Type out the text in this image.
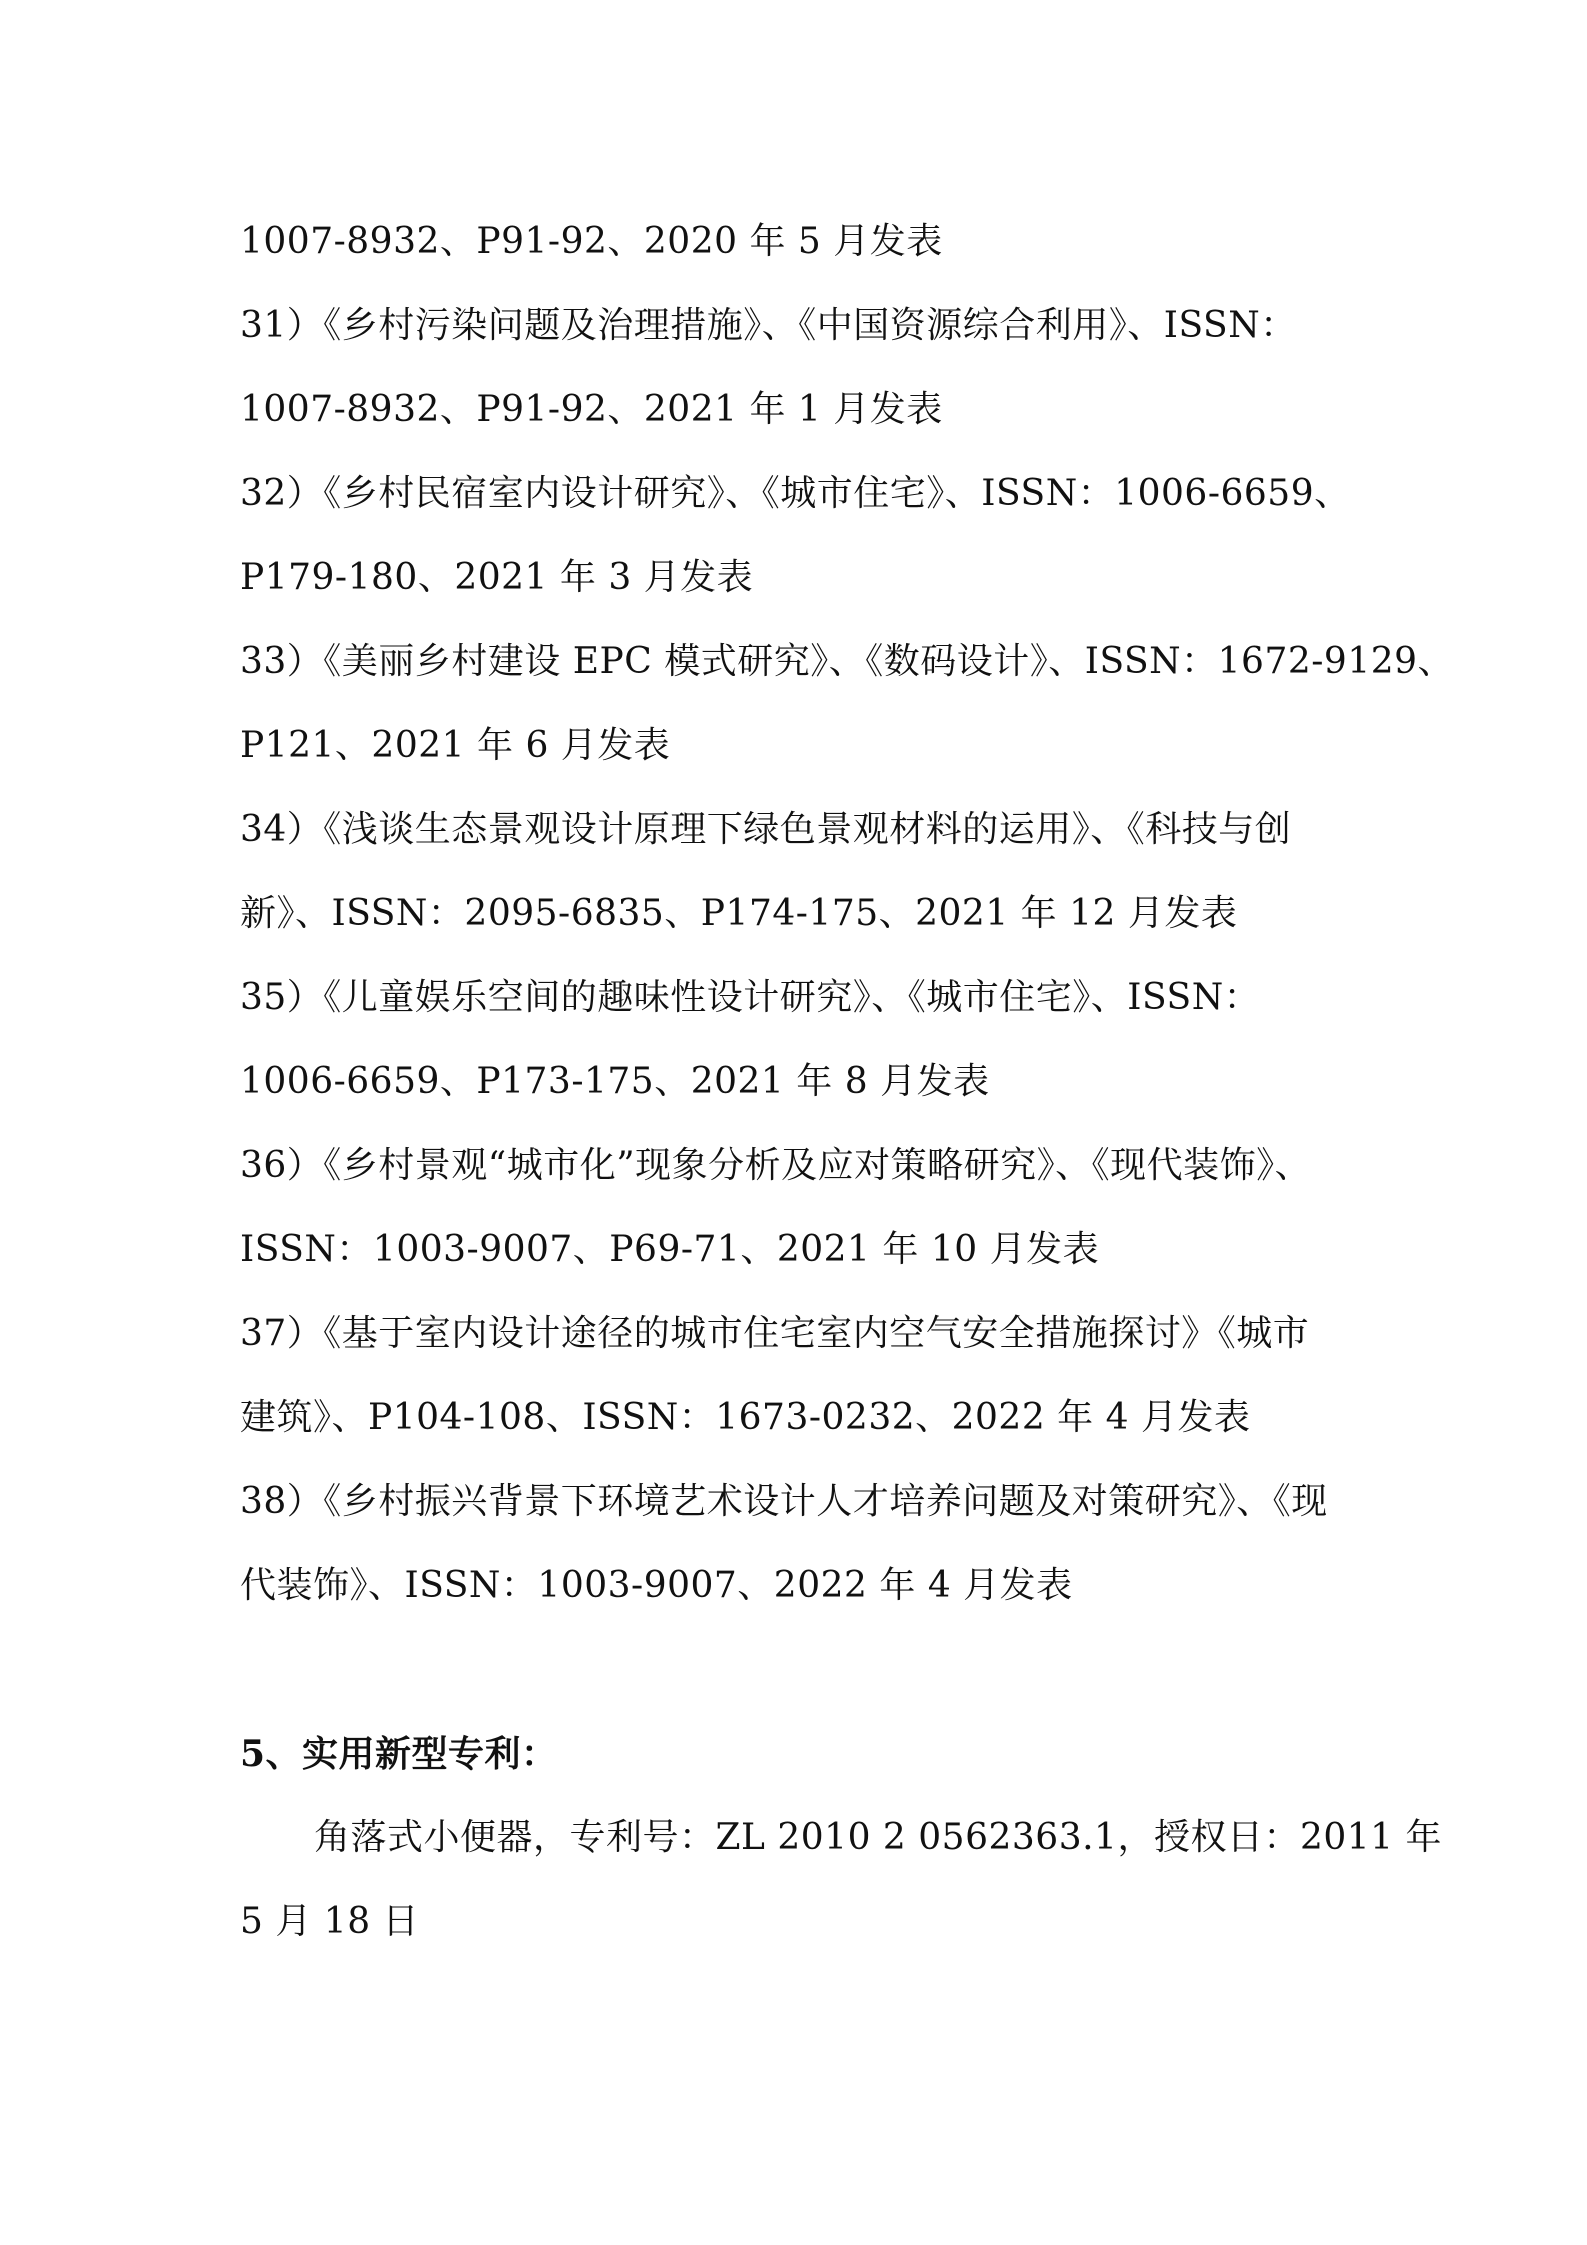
1007-8932、P91-92、2020 年 5 月发表
31）《乡村污染问题及治理措施》、《中国资源综合利用》、ISSN：
1007-8932、P91-92、2021 年 1 月发表
32）《乡村民宿室内设计研究》、《城市住宅》、ISSN：1006-6659、
P179-180、2021 年 3 月发表
33）《美丽乡村建设 EPC 模式研究》、《数码设计》、ISSN：1672-9129、
P121、2021 年 6 月发表
34）《浅谈生态景观设计原理下绿色景观材料的运用》、《科技与创
新》、ISSN：2095-6835、P174-175、2021 年 12 月发表
35）《儿童娱乐空间的趣味性设计研究》、《城市住宅》、ISSN：
1006-6659、P173-175、2021 年 8 月发表
36）《乡村景观“城市化”现象分析及应对策略研究》、《现代装饰》、
ISSN：1003-9007、P69-71、2021 年 10 月发表
37）《基于室内设计途径的城市住宅室内空气安全措施探讨》《城市
建筑》、P104-108、ISSN：1673-0232、2022 年 4 月发表
38）《乡村振兴背景下环境艺术设计人才培养问题及对策研究》、《现
代装饰》、ISSN：1003-9007、2022 年 4 月发表
5、实用新型专利：
角落式小便器，专利号：ZL 2010 2 0562363.1，授权日：2011 年
5 月 18 日
